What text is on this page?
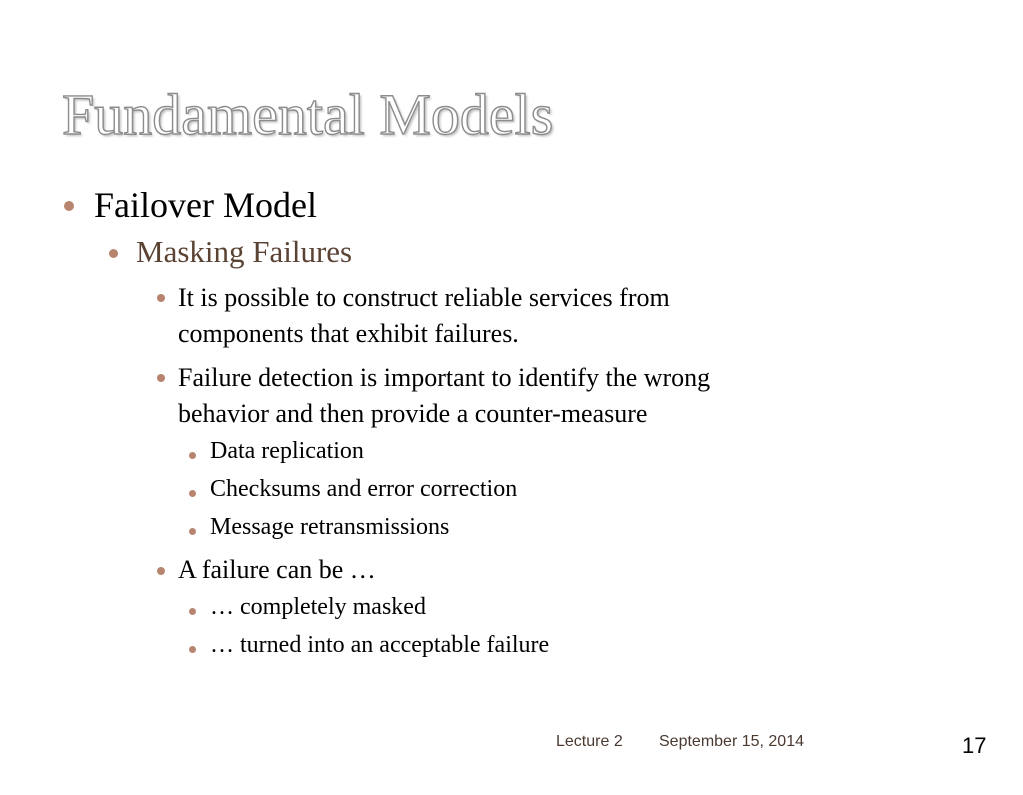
Fundamental Models
Failover Model
Masking Failures
It is possible to construct reliable services from
components that exhibit failures.
Failure detection is important to identify the wrong
behavior and then provide a counter-measure
Data replication
Checksums and error correction
Message retransmissions
A failure can be …
… completely masked
… turned into an acceptable failure
Lecture 2 September 15, 2014	17
